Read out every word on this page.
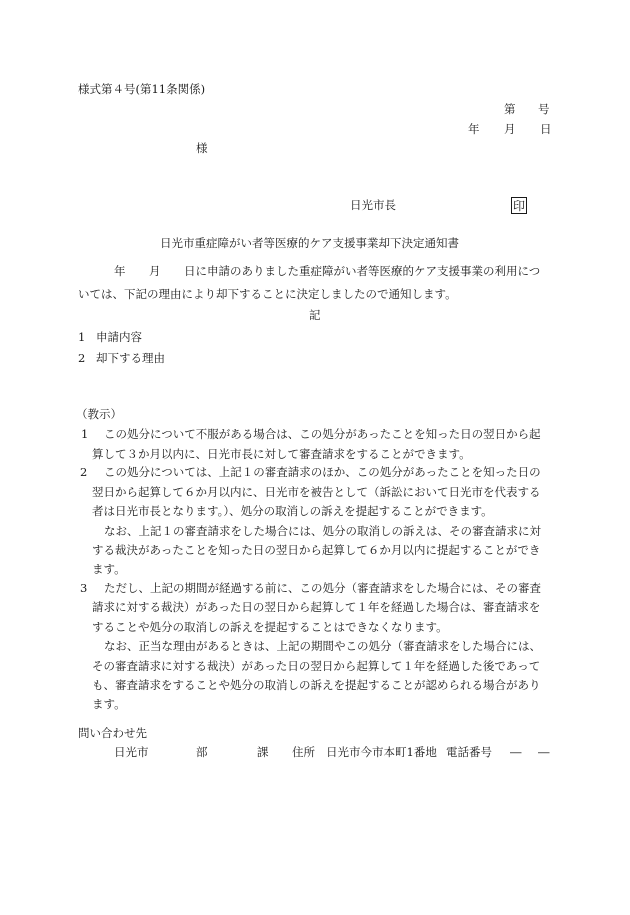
様式第４号(第11条関係)
第 号
年 月 日
様
日光市長	印
日光市重症障がい者等医療的ケア支援事業却下決定通知書
年 月 日に申請のありました重症障がい者等医療的ケア支援事業の利用につ
いては、下記の理由により却下することに決定しましたので通知します。
記
1 申請内容
2 却下する理由
（教示）
1 この処分について不服がある場合は、この処分があったことを知った日の翌日から起
算して３か月以内に、日光市長に対して審査請求をすることができます。
2 この処分については、上記１の審査請求のほか、この処分があったことを知った日の
翌日から起算して６か月以内に、日光市を被告として（訴訟において日光市を代表する
者は日光市長となります。）、処分の取消しの訴えを提起することができます。
なお、上記１の審査請求をした場合には、処分の取消しの訴えは、その審査請求に対
する裁決があったことを知った日の翌日から起算して６か月以内に提起することができ
ます。
3 ただし、上記の期間が経過する前に、この処分（審査請求をした場合には、その審査
請求に対する裁決）があった日の翌日から起算して１年を経過した場合は、審査請求を
することや処分の取消しの訴えを提起することはできなくなります。
なお、正当な理由があるときは、上記の期間やこの処分（審査請求をした場合には、
その審査請求に対する裁決）があった日の翌日から起算して１年を経過した後であって
も、審査請求をすることや処分の取消しの訴えを提起することが認められる場合があり
ます。
問い合わせ先
日光市	部	課 住所 日光市今市本町1番地 電話番号 ― ―
